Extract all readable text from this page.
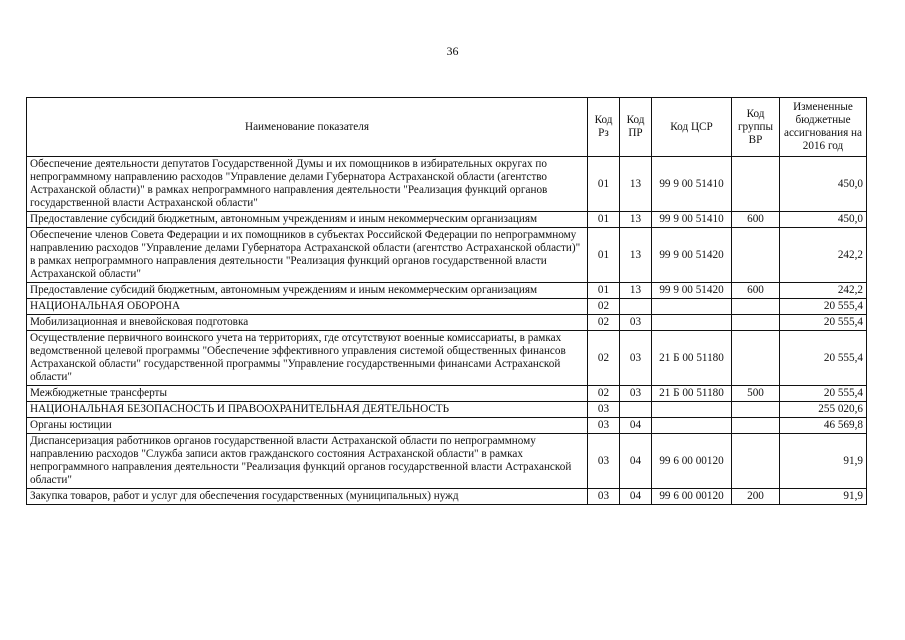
36
Наименование показателя	Код Рз	Код ПР	Код ЦСР	Код группы ВР	Измененные бюджетные ассигнования на 2016 год
Обеспечение деятельности депутатов Государственной Думы и их помощников в избирательных округах по непрограммному направлению расходов "Управление делами Губернатора Астраханской области (агентство Астраханской области)" в рамках непрограммного направления деятельности "Реализация функций органов государственной власти Астраханской области"	01	13	99 9 00 51410		450,0
Предоставление субсидий бюджетным, автономным учреждениям и иным некоммерческим организациям	01	13	99 9 00 51410	600	450,0
Обеспечение членов Совета Федерации и их помощников в субъектах Российской Федерации по непрограммному направлению расходов "Управление делами Губернатора Астраханской области (агентство Астраханской области)" в рамках непрограммного направления деятельности "Реализация функций органов государственной власти Астраханской области"	01	13	99 9 00 51420		242,2
Предоставление субсидий бюджетным, автономным учреждениям и иным некоммерческим организациям	01	13	99 9 00 51420	600	242,2
НАЦИОНАЛЬНАЯ ОБОРОНА	02				20 555,4
Мобилизационная и вневойсковая подготовка	02	03			20 555,4
Осуществление первичного воинского учета на территориях, где отсутствуют военные комиссариаты, в рамках ведомственной целевой программы "Обеспечение эффективного управления системой общественных финансов Астраханской области" государственной программы "Управление государственными финансами Астраханской области"	02	03	21 Б 00 51180		20 555,4
Межбюджетные трансферты	02	03	21 Б 00 51180	500	20 555,4
НАЦИОНАЛЬНАЯ БЕЗОПАСНОСТЬ И ПРАВООХРАНИТЕЛЬНАЯ ДЕЯТЕЛЬНОСТЬ	03				255 020,6
Органы юстиции	03	04			46 569,8
Диспансеризация работников органов государственной власти Астраханской области по непрограммному направлению расходов "Служба записи актов гражданского состояния Астраханской области" в рамках непрограммного направления деятельности "Реализация функций органов государственной власти Астраханской области"	03	04	99 6 00 00120		91,9
Закупка товаров, работ и услуг для обеспечения государственных (муниципальных) нужд	03	04	99 6 00 00120	200	91,9
